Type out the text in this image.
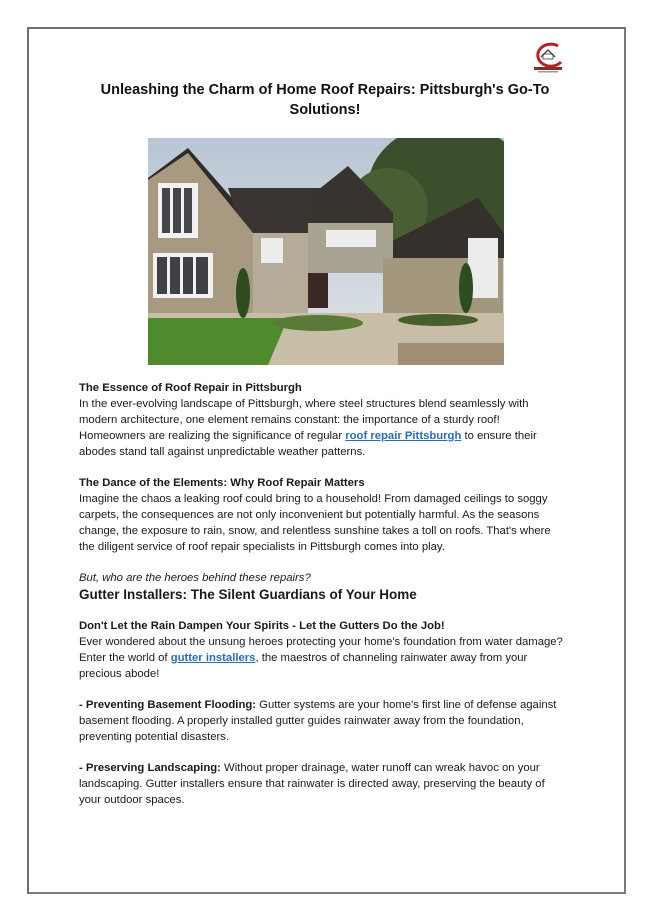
Unleashing the Charm of Home Roof Repairs: Pittsburgh's Go-To Solutions!
The Essence of Roof Repair in Pittsburgh
In the ever-evolving landscape of Pittsburgh, where steel structures blend seamlessly with modern architecture, one element remains constant: the importance of a sturdy roof! Homeowners are realizing the significance of regular roof repair Pittsburgh to ensure their abodes stand tall against unpredictable weather patterns.
The Dance of the Elements: Why Roof Repair Matters
Imagine the chaos a leaking roof could bring to a household! From damaged ceilings to soggy carpets, the consequences are not only inconvenient but potentially harmful. As the seasons change, the exposure to rain, snow, and relentless sunshine takes a toll on roofs. That's where the diligent service of roof repair specialists in Pittsburgh comes into play.
But, who are the heroes behind these repairs?
Gutter Installers: The Silent Guardians of Your Home
Don't Let the Rain Dampen Your Spirits - Let the Gutters Do the Job!
Ever wondered about the unsung heroes protecting your home's foundation from water damage? Enter the world of gutter installers, the maestros of channeling rainwater away from your precious abode!
- Preventing Basement Flooding: Gutter systems are your home's first line of defense against basement flooding. A properly installed gutter guides rainwater away from the foundation, preventing potential disasters.
- Preserving Landscaping: Without proper drainage, water runoff can wreak havoc on your landscaping. Gutter installers ensure that rainwater is directed away, preserving the beauty of your outdoor spaces.
